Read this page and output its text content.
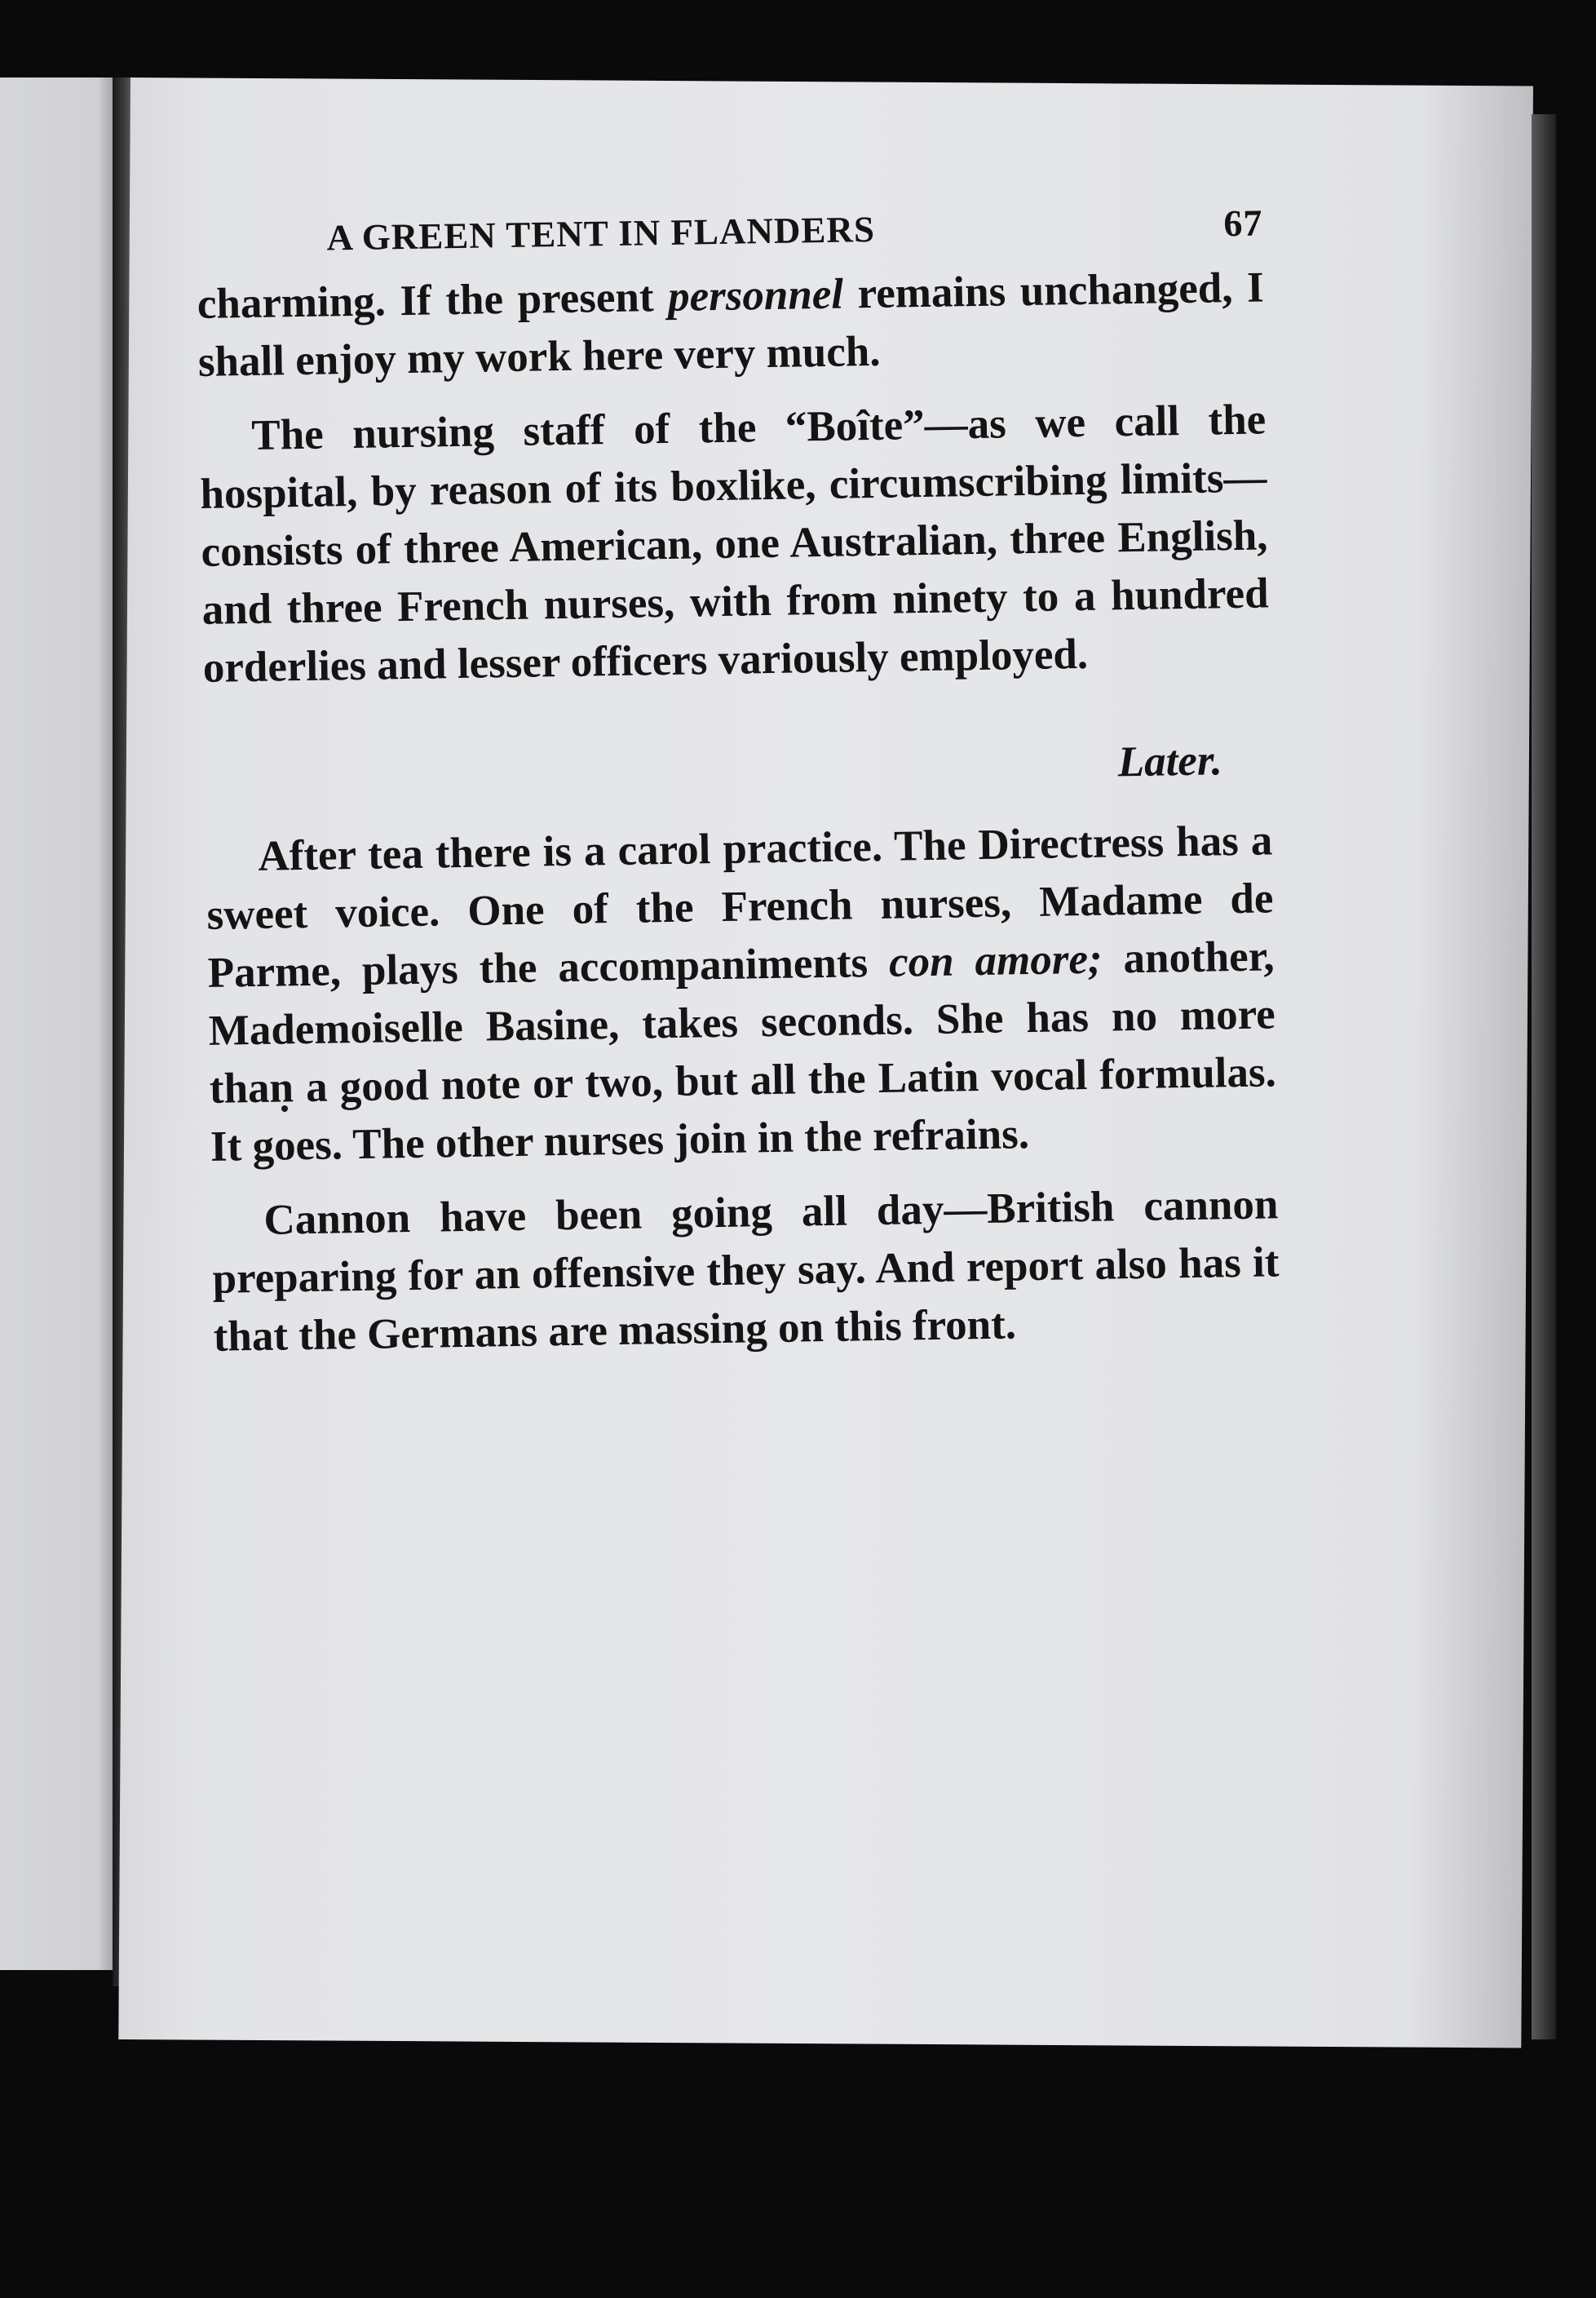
A GREEN TENT IN FLANDERS	67

charming. If the present personnel remains unchanged, I shall enjoy my work here very much.

The nursing staff of the “Boîte”—as we call the hospital, by reason of its boxlike, circumscribing limits—consists of three American, one Australian, three English, and three French nurses, with from ninety to a hundred orderlies and lesser officers variously employed.

Later.

After tea there is a carol practice. The Directress has a sweet voice. One of the French nurses, Madame de Parme, plays the accompaniments con amore; another, Mademoiselle Basine, takes seconds. She has no more than a good note or two, but all the Latin vocal formulas. It goes. The other nurses join in the refrains.

Cannon have been going all day—British cannon preparing for an offensive they say. And report also has it that the Germans are massing on this front.
